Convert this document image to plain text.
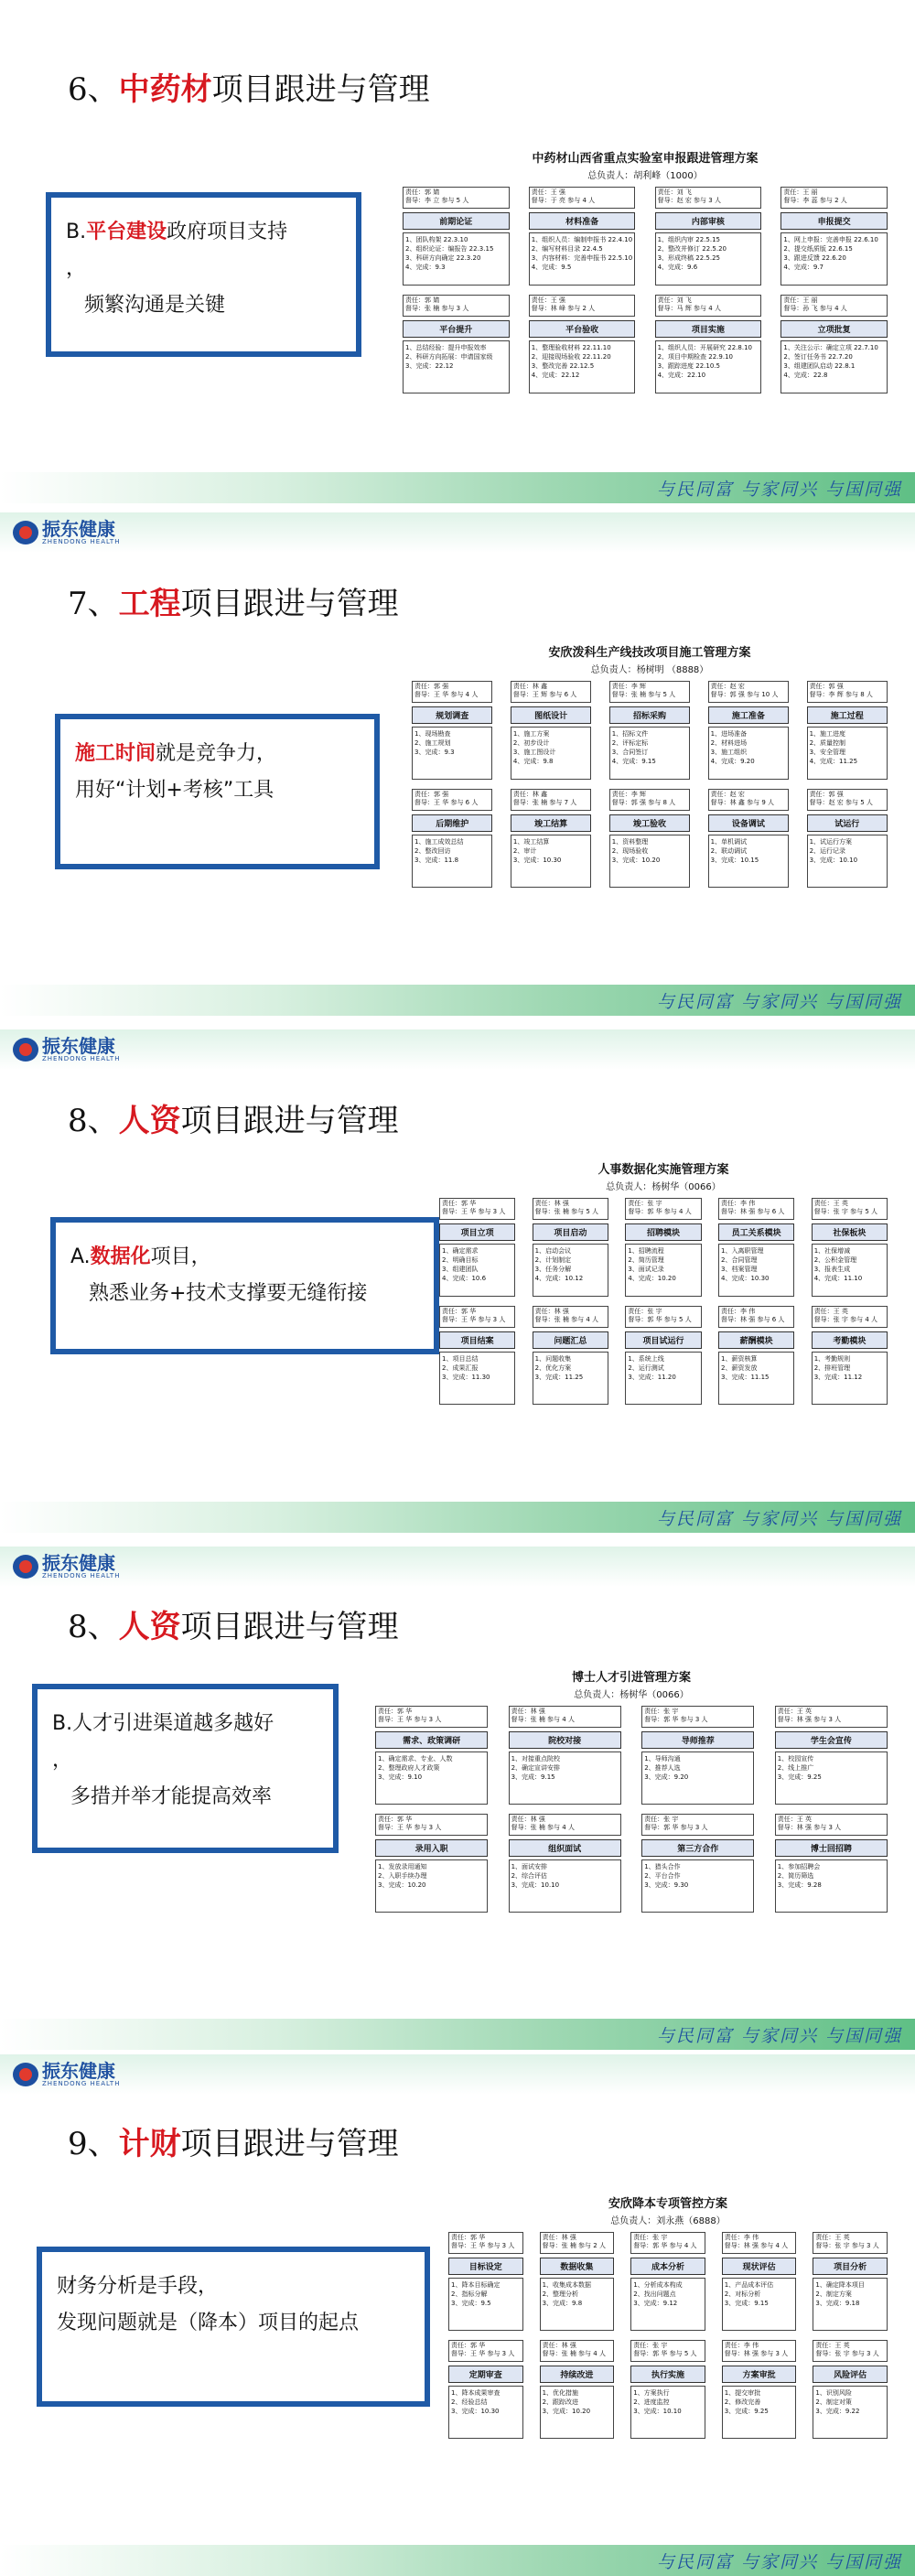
6、中药材项目跟进与管理
与民同富 与家同兴 与国同强
振东健康
ZHENDONG HEALTH
7、工程项目跟进与管理
与民同富 与家同兴 与国同强
振东健康
ZHENDONG HEALTH
8、人资项目跟进与管理
与民同富 与家同兴 与国同强
振东健康
ZHENDONG HEALTH
8、人资项目跟进与管理
与民同富 与家同兴 与国同强
振东健康
ZHENDONG HEALTH
9、计财项目跟进与管理
与民同富 与家同兴 与国同强
B.平台建设政府项目支持
，
频繁沟通是关键
中药材山西省重点实验室申报跟进管理方案
总负责人：胡利峰（1000）
责任：郭 婧
督导：李 立 参与 5 人
前期论证
1、团队构架 22.3.10
2、组织论证：编报告 22.3.15
3、科研方向确定 22.3.20
4、完成：9.3
责任：王 强
督导：于 亮 参与 4 人
材料准备
1、组织人员：编制申报书 22.4.10
2、编写材料目录 22.4.5
3、内容材料：完善申报书 22.5.10
4、完成：9.5
责任：刘 飞
督导：赵 宏 参与 3 人
内部审核
1、组织内审 22.5.15
2、整改并修订 22.5.20
3、形成终稿 22.5.25
4、完成：9.6
责任：王 丽
督导：李 蕊 参与 2 人
申报提交
1、网上申报：完善申报 22.6.10
2、提交纸质版 22.6.15
3、跟进反馈 22.6.20
4、完成：9.7
责任：郭 婧
督导：张 楠 参与 3 人
平台提升
1、总结经验：提升申报效率
2、科研方向拓展：申请国家级
3、完成：22.12
责任：王 强
督导：林 峰 参与 2 人
平台验收
1、整理验收材料 22.11.10
2、迎接现场验收 22.11.20
3、整改完善 22.12.5
4、完成：22.12
责任：刘 飞
督导：马 辉 参与 4 人
项目实施
1、组织人员：开展研究 22.8.10
2、项目中期检查 22.9.10
3、跟踪进度 22.10.5
4、完成：22.10
责任：王 丽
督导：孙 飞 参与 4 人
立项批复
1、关注公示：确定立项 22.7.10
2、签订任务书 22.7.20
3、组建团队启动 22.8.1
4、完成：22.8
施工时间就是竞争力，
用好“计划+考核”工具
安欣泼科生产线技改项目施工管理方案
总负责人：杨树明 （8888）
责任：郭 强
督导：王 华 参与 4 人
规划调查
1、现场勘查
2、施工规划
3、完成：9.3
责任：林 鑫
督导：王 辉 参与 6 人
图纸设计
1、施工方案
2、初步设计
3、施工图设计
4、完成：9.8
责任：李 辉
督导：张 楠 参与 5 人
招标采购
1、招标文件
2、评标定标
3、合同签订
4、完成：9.15
责任：赵 宏
督导：郭 强 参与 10 人
施工准备
1、进场准备
2、材料进场
3、施工组织
4、完成：9.20
责任：郭 强
督导：李 辉 参与 8 人
施工过程
1、施工进度
2、质量控制
3、安全管理
4、完成：11.25
责任：郭 强
督导：王 华 参与 6 人
后期维护
1、施工成效总结
2、整改回访
3、完成：11.8
责任：林 鑫
督导：张 楠 参与 7 人
竣工结算
1、竣工结算
2、审计
3、完成：10.30
责任：李 辉
督导：郭 强 参与 8 人
竣工验收
1、资料整理
2、现场验收
3、完成：10.20
责任：赵 宏
督导：林 鑫 参与 9 人
设备调试
1、单机调试
2、联动调试
3、完成：10.15
责任：郭 强
督导：赵 宏 参与 5 人
试运行
1、试运行方案
2、运行记录
3、完成：10.10
A.数据化项目，
熟悉业务+技术支撑要无缝衔接
人事数据化实施管理方案
总负责人：杨树华（0066）
责任：郭 华
督导：王 华 参与 3 人
项目立项
1、确定需求
2、明确目标
3、组建团队
4、完成：10.6
责任：林 强
督导：张 楠 参与 5 人
项目启动
1、启动会议
2、计划制定
3、任务分解
4、完成：10.12
责任：张 宇
督导：郭 华 参与 4 人
招聘模块
1、招聘流程
2、简历管理
3、面试记录
4、完成：10.20
责任：李 伟
督导：林 强 参与 6 人
员工关系模块
1、入离职管理
2、合同管理
3、档案管理
4、完成：10.30
责任：王 英
督导：张 宇 参与 5 人
社保板块
1、社保增减
2、公积金管理
3、报表生成
4、完成：11.10
责任：郭 华
督导：王 华 参与 3 人
项目结案
1、项目总结
2、成果汇报
3、完成：11.30
责任：林 强
督导：张 楠 参与 4 人
问题汇总
1、问题收集
2、优化方案
3、完成：11.25
责任：张 宇
督导：郭 华 参与 5 人
项目试运行
1、系统上线
2、运行测试
3、完成：11.20
责任：李 伟
督导：林 强 参与 6 人
薪酬模块
1、薪资核算
2、薪资发放
3、完成：11.15
责任：王 英
督导：张 宇 参与 4 人
考勤模块
1、考勤规则
2、排班管理
3、完成：11.12
B.人才引进渠道越多越好
，
多措并举才能提高效率
博士人才引进管理方案
总负责人：杨树华（0066）
责任：郭 华
督导：王 华 参与 3 人
需求、政策调研
1、确定需求、专业、人数
2、整理政府人才政策
3、完成：9.10
责任：林 强
督导：张 楠 参与 4 人
院校对接
1、对接重点院校
2、确定宣讲安排
3、完成：9.15
责任：张 宇
督导：郭 华 参与 3 人
导师推荐
1、导师沟通
2、推荐人选
3、完成：9.20
责任：王 英
督导：林 强 参与 3 人
学生会宣传
1、校园宣传
2、线上推广
3、完成：9.25
责任：郭 华
督导：王 华 参与 3 人
录用入职
1、发放录用通知
2、入职手续办理
3、完成：10.20
责任：林 强
督导：张 楠 参与 4 人
组织面试
1、面试安排
2、综合评估
3、完成：10.10
责任：张 宇
督导：郭 华 参与 3 人
第三方合作
1、猎头合作
2、平台合作
3、完成：9.30
责任：王 英
督导：林 强 参与 3 人
博士回招聘
1、参加招聘会
2、简历筛选
3、完成：9.28
财务分析是手段，
发现问题就是（降本）项目的起点
安欣降本专项管控方案
总负责人：刘永燕（6888）
责任：郭 华
督导：王 华 参与 3 人
目标设定
1、降本目标确定
2、指标分解
3、完成：9.5
责任：林 强
督导：张 楠 参与 2 人
数据收集
1、收集成本数据
2、整理分析
3、完成：9.8
责任：张 宇
督导：郭 华 参与 4 人
成本分析
1、分析成本构成
2、找出问题点
3、完成：9.12
责任：李 伟
督导：林 强 参与 4 人
现状评估
1、产品成本评估
2、对标分析
3、完成：9.15
责任：王 英
督导：张 宇 参与 3 人
项目分析
1、确定降本项目
2、制定方案
3、完成：9.18
责任：郭 华
督导：王 华 参与 3 人
定期审查
1、降本成果审查
2、经验总结
3、完成：10.30
责任：林 强
督导：张 楠 参与 4 人
持续改进
1、优化措施
2、跟踪改进
3、完成：10.20
责任：张 宇
督导：郭 华 参与 5 人
执行实施
1、方案执行
2、进度监控
3、完成：10.10
责任：李 伟
督导：林 强 参与 3 人
方案审批
1、提交审批
2、修改完善
3、完成：9.25
责任：王 英
督导：张 宇 参与 3 人
风险评估
1、识别风险
2、制定对策
3、完成：9.22
